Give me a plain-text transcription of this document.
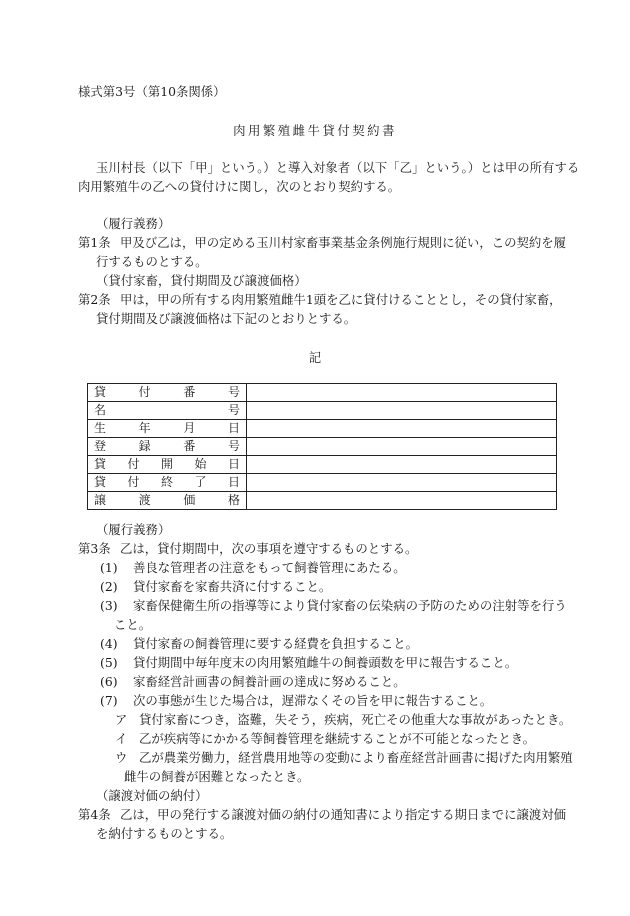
様式第3号（第10条関係）
肉用繁殖雌牛貸付契約書
玉川村長（以下「甲」という。）と導入対象者（以下「乙」という。）とは甲の所有する
肉用繁殖牛の乙への貸付けに関し，次のとおり契約する。
（履行義務）
第1条 甲及び乙は，甲の定める玉川村家畜事業基金条例施行規則に従い，この契約を履
行するものとする。
（貸付家畜，貸付期間及び譲渡価格）
第2条 甲は，甲の所有する肉用繁殖雌牛1頭を乙に貸付けることとし，その貸付家畜，
貸付期間及び譲渡価格は下記のとおりとする。
記
貸付番号	
名号	
生年月日	
登録番号	
貸付開始日	
貸付終了日	
譲渡価格	
（履行義務）
第3条 乙は，貸付期間中，次の事項を遵守するものとする。
(1) 善良な管理者の注意をもって飼養管理にあたる。
(2) 貸付家畜を家畜共済に付すること。
(3) 家畜保健衛生所の指導等により貸付家畜の伝染病の予防のための注射等を行う
こと。
(4) 貸付家畜の飼養管理に要する経費を負担すること。
(5) 貸付期間中毎年度末の肉用繁殖雌牛の飼養頭数を甲に報告すること。
(6) 家畜経営計画書の飼養計画の達成に努めること。
(7) 次の事態が生じた場合は，遅滞なくその旨を甲に報告すること。
ア 貸付家畜につき，盗難，失そう，疾病，死亡その他重大な事故があったとき。
イ 乙が疾病等にかかる等飼養管理を継続することが不可能となったとき。
ウ 乙が農業労働力，経営農用地等の変動により畜産経営計画書に掲げた肉用繁殖
雌牛の飼養が困難となったとき。
（譲渡対価の納付）
第4条 乙は，甲の発行する譲渡対価の納付の通知書により指定する期日までに譲渡対価
を納付するものとする。
